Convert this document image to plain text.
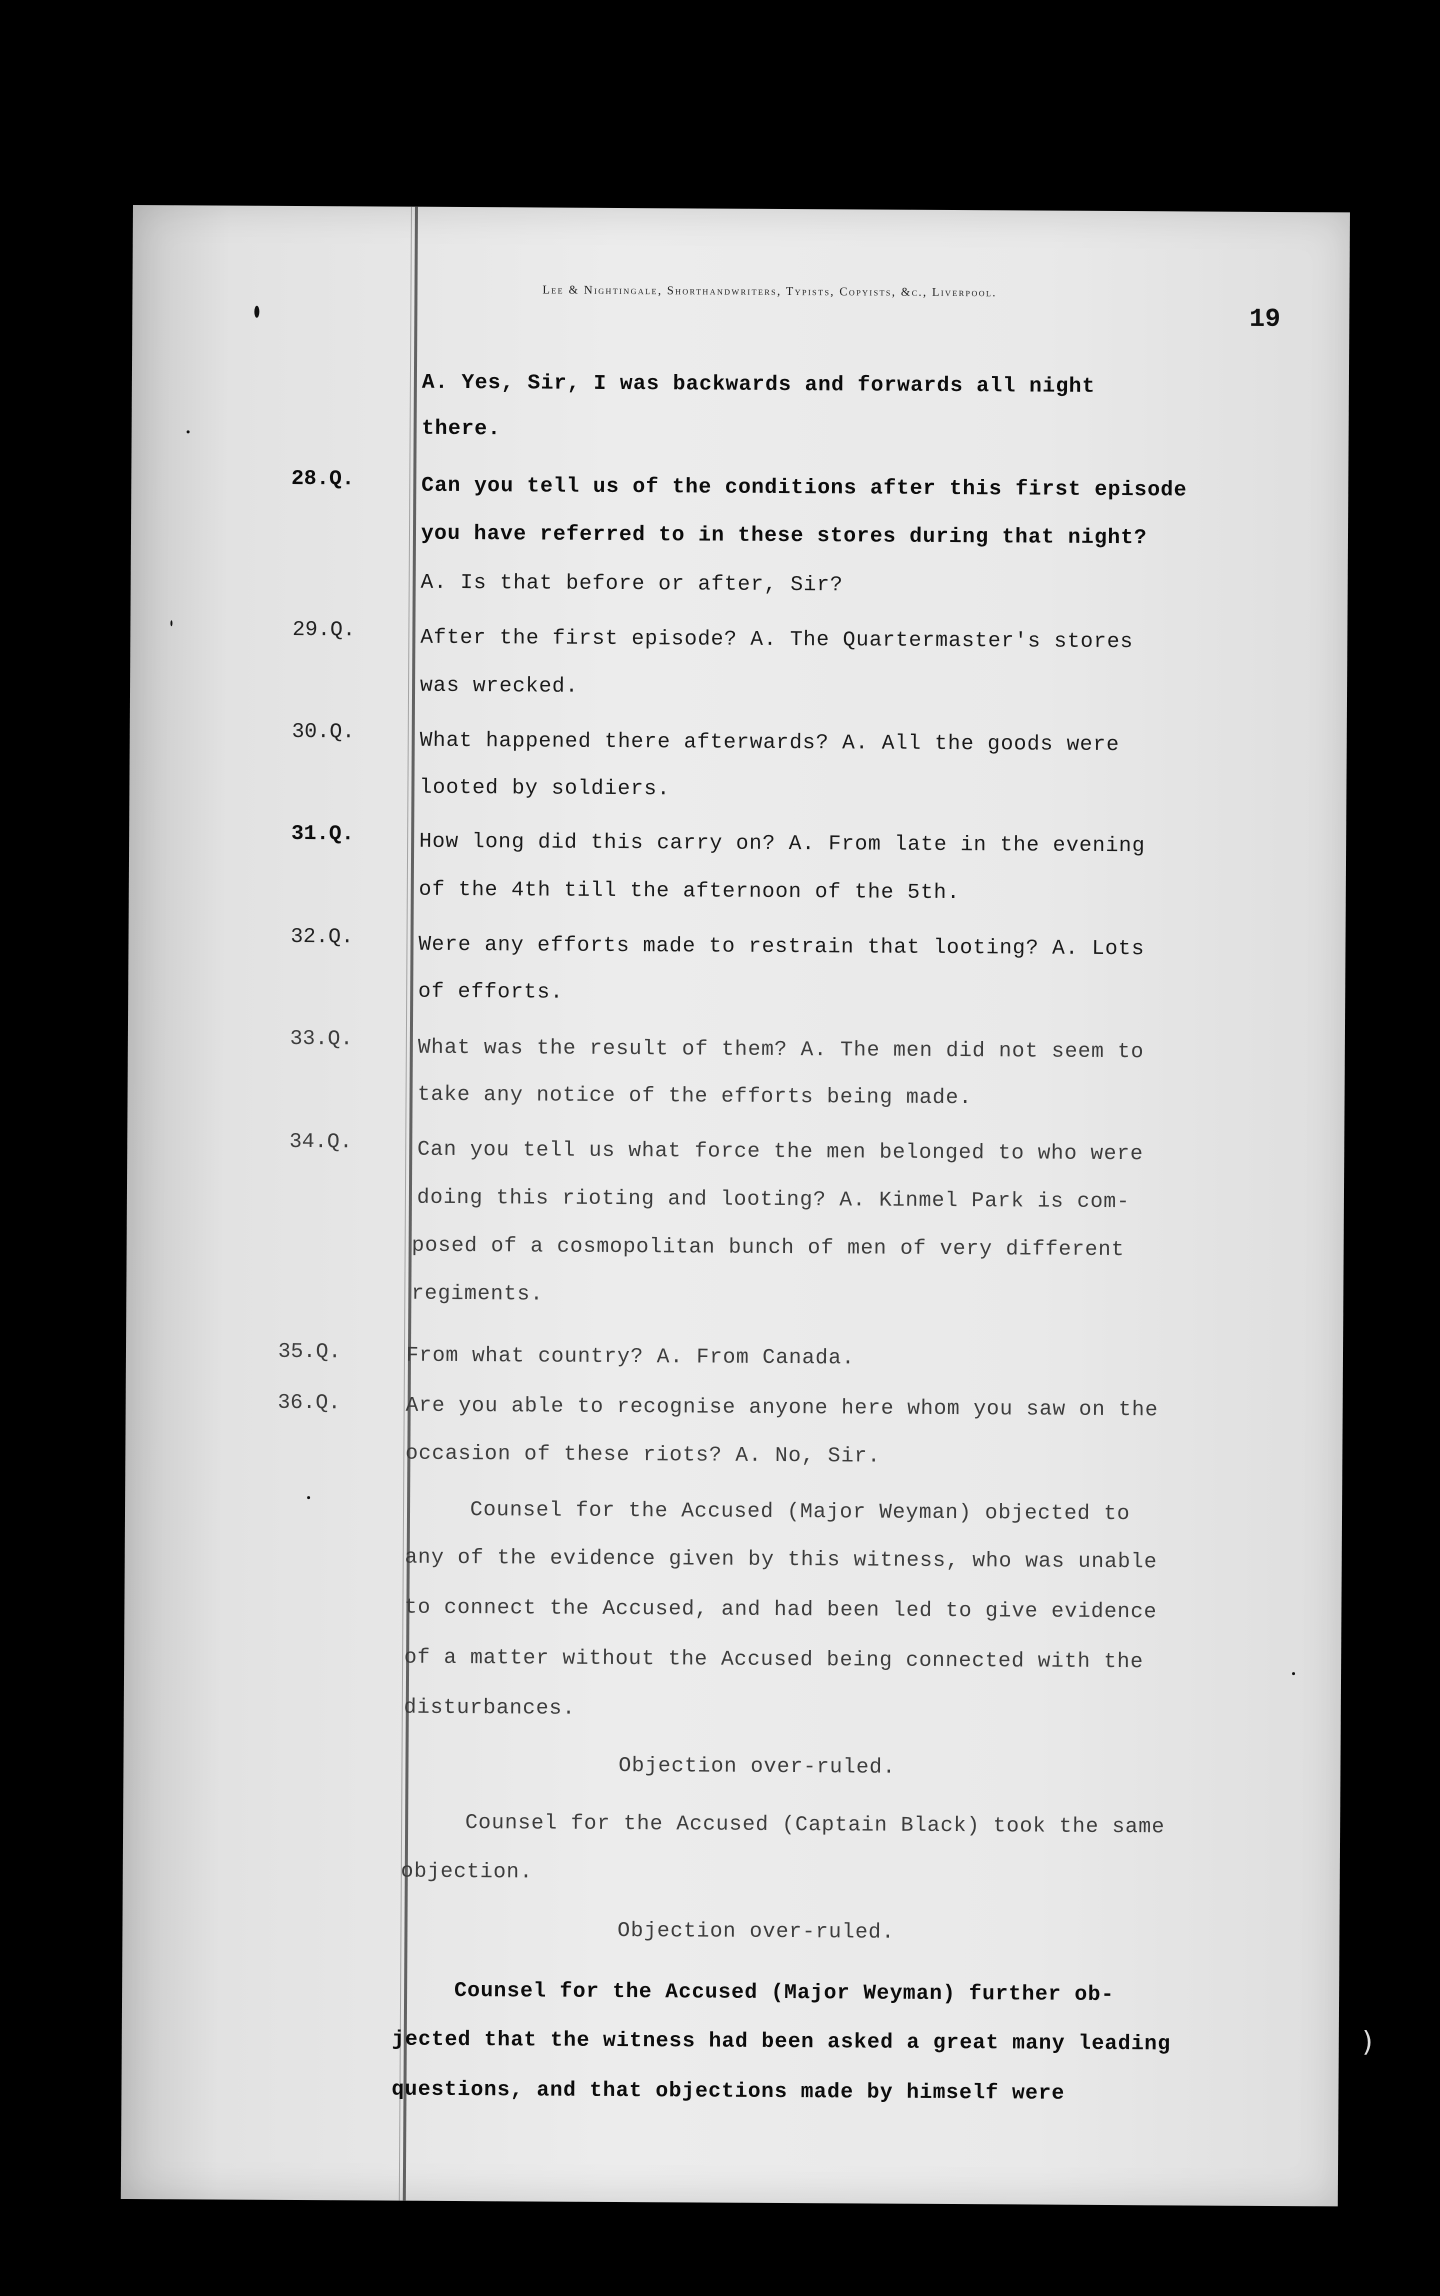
Lee & Nightingale, Shorthandwriters, Typists, Copyists, &c., Liverpool.
19
28.Q.
29.Q.
30.Q.
31.Q.
32.Q.
33.Q.
34.Q.
35.Q.
36.Q.
A. Yes, Sir, I was backwards and forwards all night
there.
Can you tell us of the conditions after this first episode
you have referred to in these stores during that night?
A. Is that before or after, Sir?
After the first episode? A. The Quartermaster's stores
was wrecked.
What happened there afterwards? A. All the goods were
looted by soldiers.
How long did this carry on? A. From late in the evening
of the 4th till the afternoon of the 5th.
Were any efforts made to restrain that looting? A. Lots
of efforts.
What was the result of them? A. The men did not seem to
take any notice of the efforts being made.
Can you tell us what force the men belonged to who were
doing this rioting and looting? A. Kinmel Park is com-
posed of a cosmopolitan bunch of men of very different
regiments.
From what country? A. From Canada.
Are you able to recognise anyone here whom you saw on the
occasion of these riots? A. No, Sir.
Counsel for the Accused (Major Weyman) objected to
any of the evidence given by this witness, who was unable
to connect the Accused, and had been led to give evidence
of a matter without the Accused being connected with the
disturbances.
Objection over-ruled.
Counsel for the Accused (Captain Black) took the same
objection.
Objection over-ruled.
Counsel for the Accused (Major Weyman) further ob-
jected that the witness had been asked a great many leading
questions, and that objections made by himself were
)
